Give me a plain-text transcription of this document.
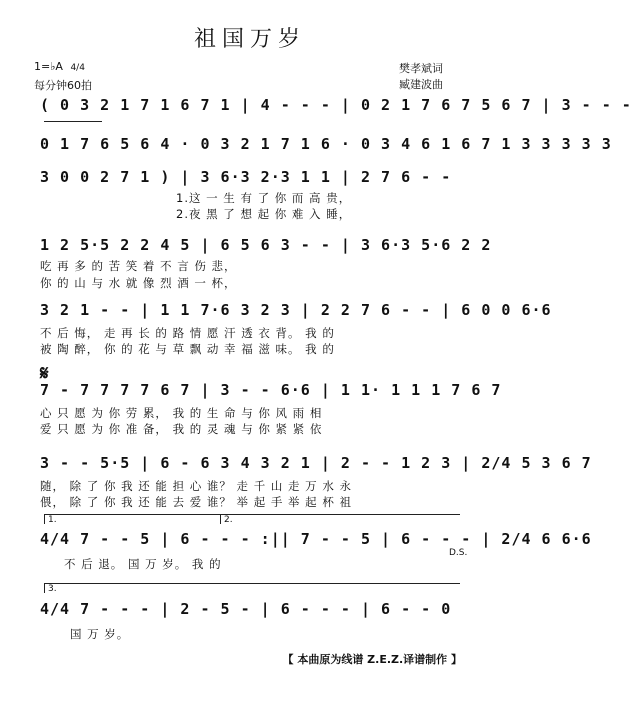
祖国万岁
1=♭A 4/4
每分钟60拍
樊孝斌词
臧建波曲
( 0 3 2 1 7 1 6 7 1 | 4 - - - | 0 2 1 7 6 7 5 6 7 | 3 - - -
0 1 7 6 5 6 4 · 0 3 2 1 7 1 6 · 0 3 4 6 1 6 7 1 3 3 3 3 3
3 0 0 2 7 1 ) | 3 6·3 2·3 1 1 | 2 7 6 - -
1.这 一 生 有 了 你 而 高 贵，
2.夜 黑 了 想 起 你 难 入 睡，
1 2 5·5 2 2 4 5 | 6 5 6 3 - - | 3 6·3 5·6 2 2
吃 再 多 的 苦 笑 着 不 言 伤 悲，
你 的 山 与 水 就 像 烈 酒 一 杯，
3 2 1 - - | 1 1 7·6 3 2 3 | 2 2 7 6 - - | 6 0 0 6·6
不 后 悔， 走 再 长 的 路 情 愿 汗 透 衣 背。 我 的
被 陶 醉， 你 的 花 与 草 飘 动 幸 福 滋 味。 我 的
𝄋
7 - 7 7 7 7 6 7 | 3 - - 6·6 | 1 1· 1 1 1 7 6 7
心 只 愿 为 你 劳 累， 我 的 生 命 与 你 风 雨 相
爱 只 愿 为 你 准 备， 我 的 灵 魂 与 你 紧 紧 依
3 - - 5·5 | 6 - 6 3 4 3 2 1 | 2 - - 1 2 3 | 2/4 5 3 6 7
随， 除 了 你 我 还 能 担 心 谁？ 走 千 山 走 万 水 永
偎， 除 了 你 我 还 能 去 爱 谁？ 举 起 手 举 起 杯 祖
1.	2.
4/4 7 - - 5 | 6 - - - :|| 7 - - 5 | 6 - - - | 2/4 6 6·6
不 后 退。 国 万 岁。 我 的
D.S.
3.
4/4 7 - - - | 2 - 5 - | 6 - - - | 6 - - 0
国 万 岁。
【 本曲原为线谱 Z.E.Z.译谱制作 】
